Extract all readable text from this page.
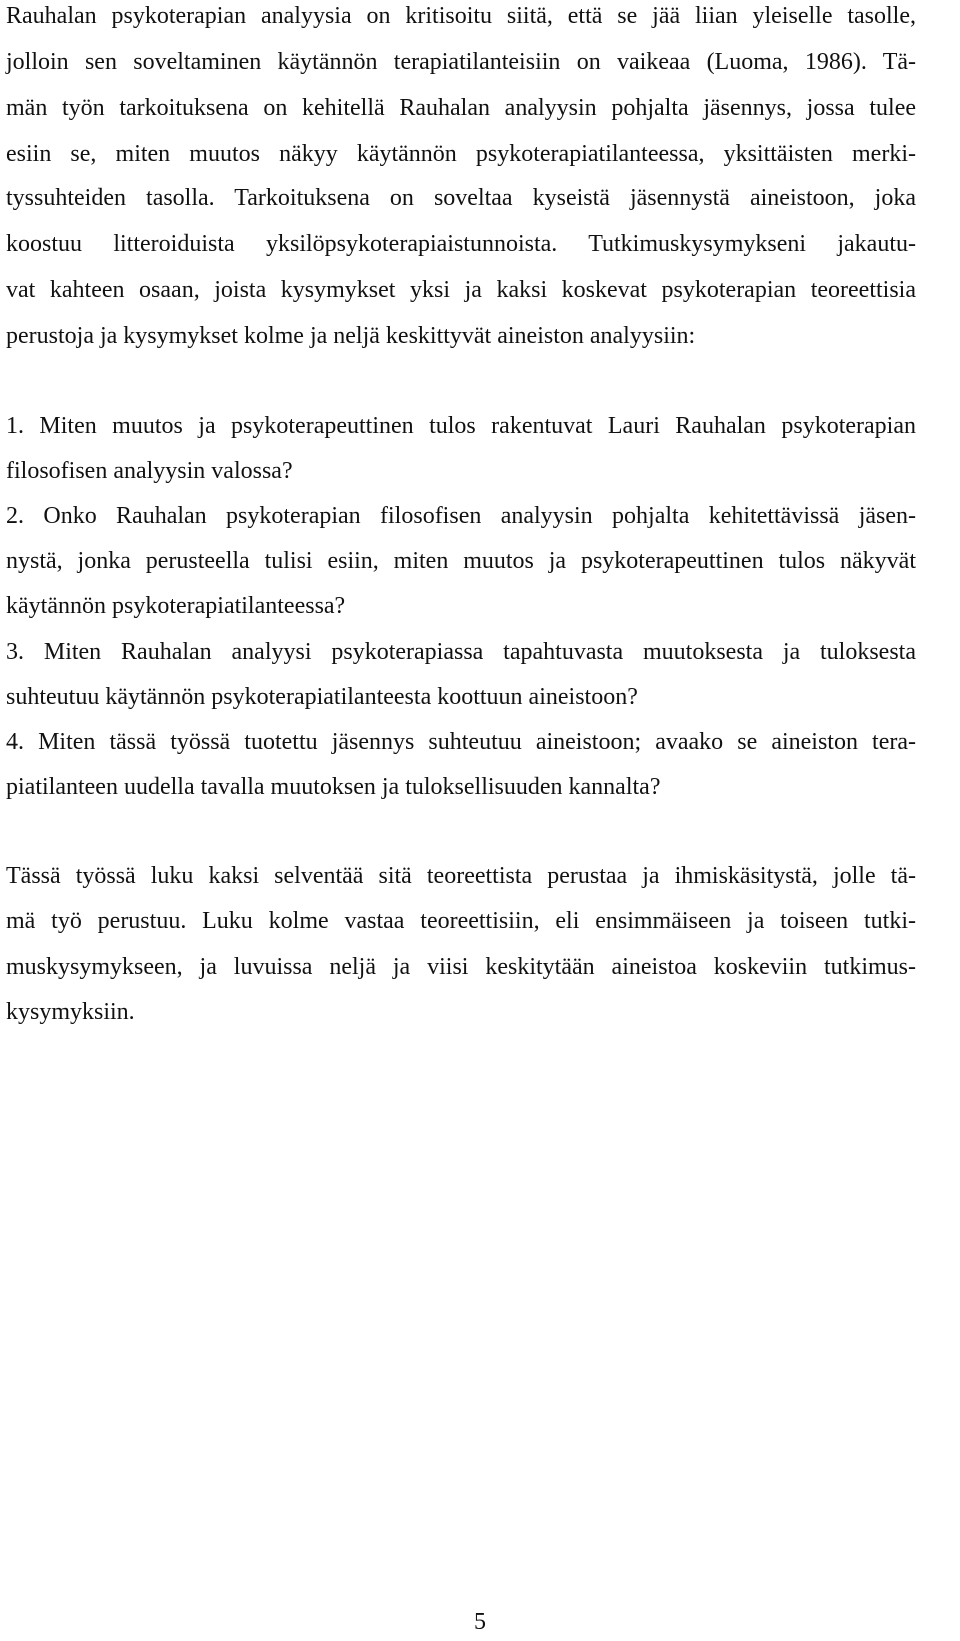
Rauhalan psykoterapian analyysia on kritisoitu siitä, että se jää liian yleiselle tasolle,

jolloin sen soveltaminen käytännön terapiatilanteisiin on vaikeaa (Luoma, 1986). Tä-

män työn tarkoituksena on kehitellä Rauhalan analyysin pohjalta jäsennys, jossa tulee

esiin se, miten muutos näkyy käytännön psykoterapiatilanteessa, yksittäisten merki-

tyssuhteiden tasolla. Tarkoituksena on soveltaa kyseistä jäsennystä aineistoon, joka

koostuu litteroiduista yksilöpsykoterapiaistunnoista. Tutkimuskysymykseni jakautu-

vat kahteen osaan, joista kysymykset yksi ja kaksi koskevat psykoterapian teoreettisia

perustoja ja kysymykset kolme ja neljä keskittyvät aineiston analyysiin:

1. Miten muutos ja psykoterapeuttinen tulos rakentuvat Lauri Rauhalan psykoterapian

filosofisen analyysin valossa?

2. Onko Rauhalan psykoterapian filosofisen analyysin pohjalta kehitettävissä jäsen-

nystä, jonka perusteella tulisi esiin, miten muutos ja psykoterapeuttinen tulos näkyvät

käytännön psykoterapiatilanteessa?

3. Miten Rauhalan analyysi psykoterapiassa tapahtuvasta muutoksesta ja tuloksesta

suhteutuu käytännön psykoterapiatilanteesta koottuun aineistoon?

4. Miten tässä työssä tuotettu jäsennys suhteutuu aineistoon; avaako se aineiston tera-

piatilanteen uudella tavalla muutoksen ja tuloksellisuuden kannalta?

Tässä työssä luku kaksi selventää sitä teoreettista perustaa ja ihmiskäsitystä, jolle tä-

mä työ perustuu. Luku kolme vastaa teoreettisiin, eli ensimmäiseen ja toiseen tutki-

muskysymykseen, ja luvuissa neljä ja viisi keskitytään aineistoa koskeviin tutkimus-

kysymyksiin.

5
